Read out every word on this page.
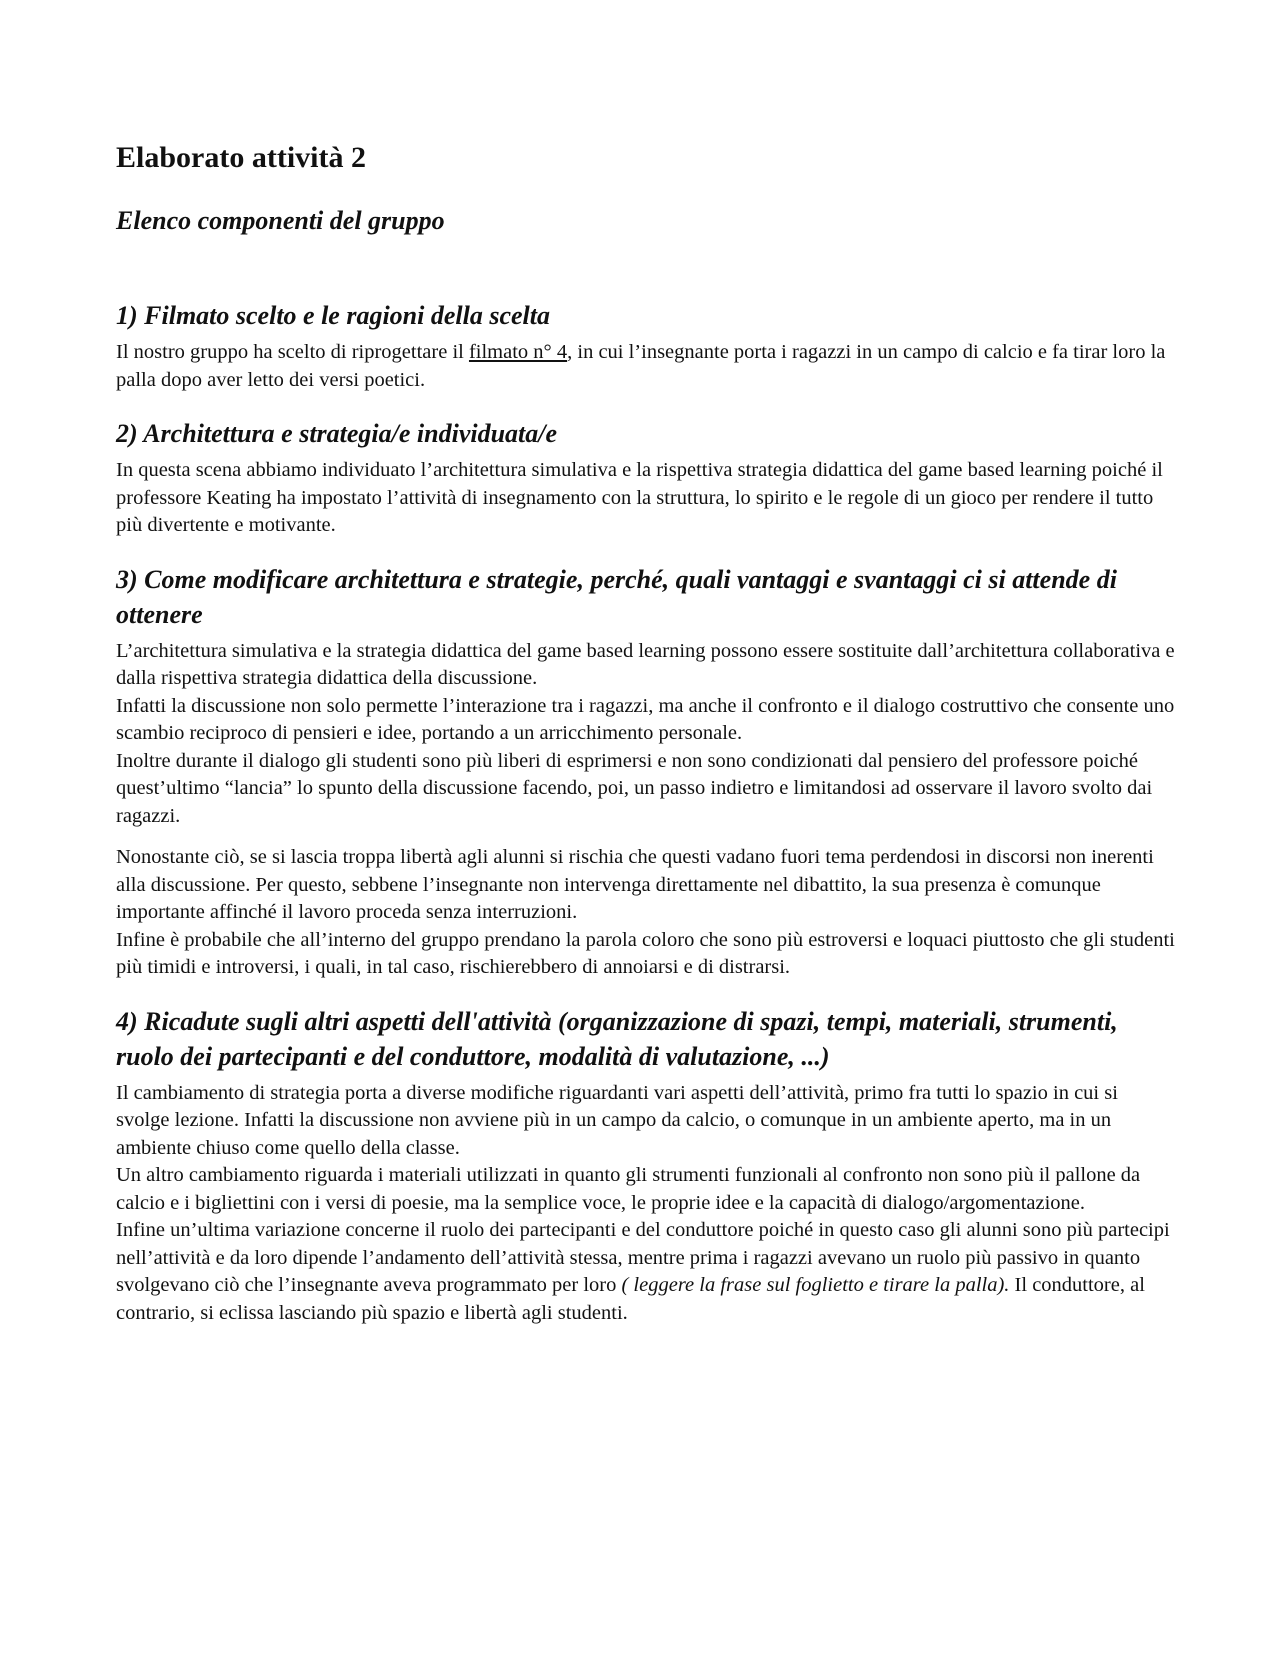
Elaborato attività 2
Elenco componenti del gruppo
1) Filmato scelto e le ragioni della scelta

Il nostro gruppo ha scelto di riprogettare il filmato n° 4, in cui l’insegnante porta i ragazzi in un campo di calcio e fa tirar loro la palla dopo aver letto dei versi poetici.

2) Architettura e strategia/e individuata/e

In questa scena abbiamo individuato l’architettura simulativa e la rispettiva strategia didattica del game based learning poiché il professore Keating ha impostato l’attività di insegnamento con la struttura, lo spirito e le regole di un gioco per rendere il tutto più divertente e motivante.

3) Come modificare architettura e strategie, perché, quali vantaggi e svantaggi ci si attende di ottenere

L’architettura simulativa e la strategia didattica del game based learning possono essere sostituite dall’architettura collaborativa e dalla rispettiva strategia didattica della discussione.

Infatti la discussione non solo permette l’interazione tra i ragazzi, ma anche il confronto e il dialogo costruttivo che consente uno scambio reciproco di pensieri e idee, portando a un arricchimento personale.

Inoltre durante il dialogo gli studenti sono più liberi di esprimersi e non sono condizionati dal pensiero del professore poiché quest’ultimo “lancia” lo spunto della discussione facendo, poi, un passo indietro e limitandosi ad osservare il lavoro svolto dai ragazzi.

Nonostante ciò, se si lascia troppa libertà agli alunni si rischia che questi vadano fuori tema perdendosi in discorsi non inerenti alla discussione. Per questo, sebbene l’insegnante non intervenga direttamente nel dibattito, la sua presenza è comunque importante affinché il lavoro proceda senza interruzioni.

Infine è probabile che all’interno del gruppo prendano la parola coloro che sono più estroversi e loquaci piuttosto che gli studenti più timidi e introversi, i quali, in tal caso, rischierebbero di annoiarsi e di distrarsi.

4) Ricadute sugli altri aspetti dell'attività (organizzazione di spazi, tempi, materiali, strumenti, ruolo dei partecipanti e del conduttore, modalità di valutazione, ...)

Il cambiamento di strategia porta a diverse modifiche riguardanti vari aspetti dell’attività, primo fra tutti lo spazio in cui si svolge lezione. Infatti la discussione non avviene più in un campo da calcio, o comunque in un ambiente aperto, ma in un ambiente chiuso come quello della classe.

Un altro cambiamento riguarda i materiali utilizzati in quanto gli strumenti funzionali al confronto non sono più il pallone da calcio e i bigliettini con i versi di poesie, ma la semplice voce, le proprie idee e la capacità di dialogo/argomentazione.

Infine un’ultima variazione concerne il ruolo dei partecipanti e del conduttore poiché in questo caso gli alunni sono più partecipi nell’attività e da loro dipende l’andamento dell’attività stessa, mentre prima i ragazzi avevano un ruolo più passivo in quanto svolgevano ciò che l’insegnante aveva programmato per loro ( leggere la frase sul foglietto e tirare la palla). Il conduttore, al contrario, si eclissa lasciando più spazio e libertà agli studenti.
